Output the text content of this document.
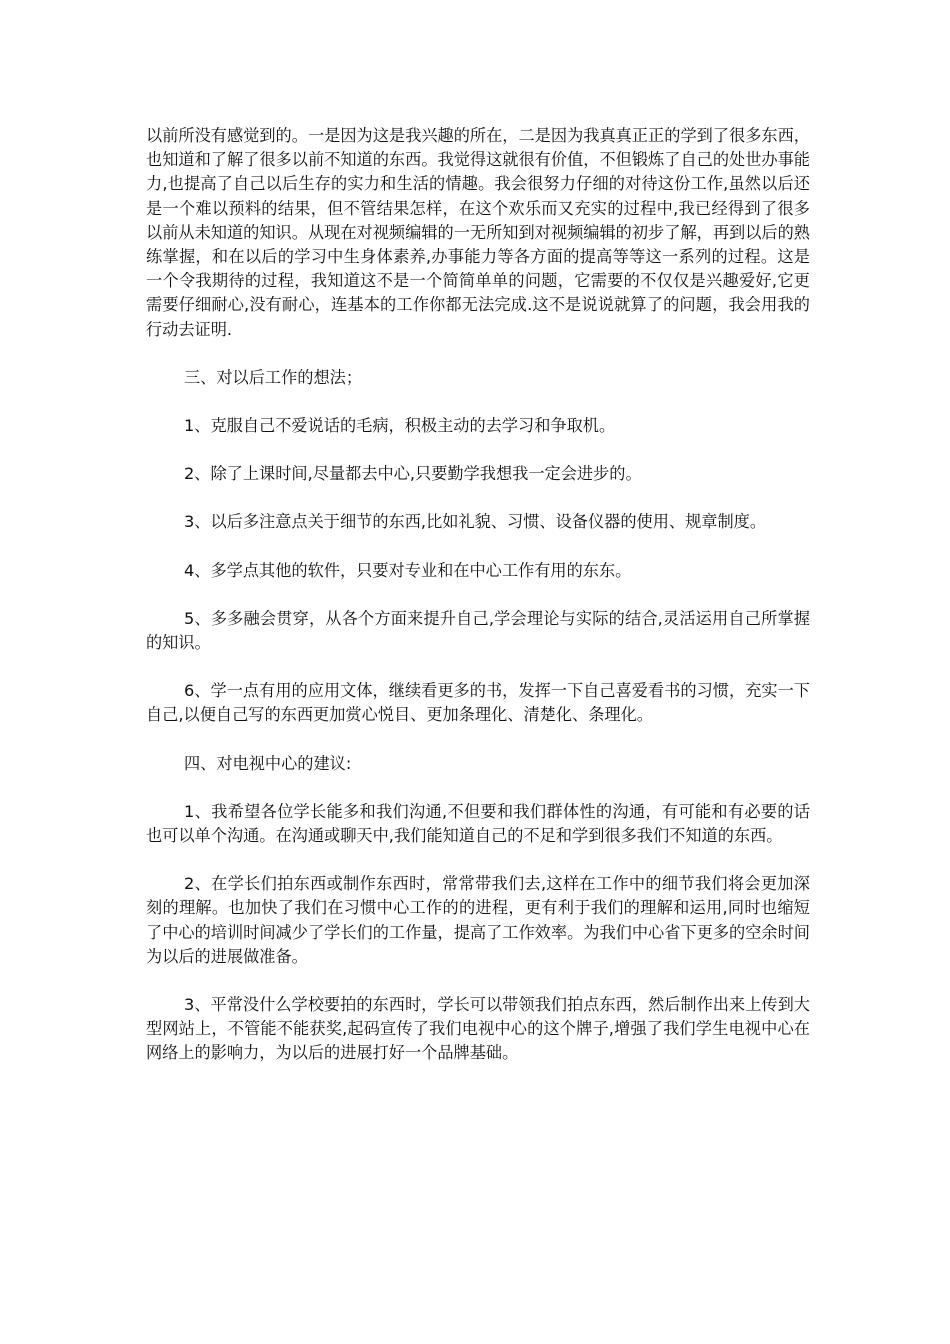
以前所没有感觉到的。一是因为这是我兴趣的所在，二是因为我真真正正的学到了很多东西，也知道和了解了很多以前不知道的东西。我觉得这就很有价值，不但锻炼了自己的处世办事能力,也提高了自己以后生存的实力和生活的情趣。我会很努力仔细的对待这份工作,虽然以后还是一个难以预料的结果，但不管结果怎样，在这个欢乐而又充实的过程中,我已经得到了很多以前从未知道的知识。从现在对视频编辑的一无所知到对视频编辑的初步了解，再到以后的熟练掌握，和在以后的学习中生身体素养,办事能力等各方面的提高等等这一系列的过程。这是一个令我期待的过程，我知道这不是一个简简单单的问题，它需要的不仅仅是兴趣爱好,它更需要仔细耐心,没有耐心，连基本的工作你都无法完成.这不是说说就算了的问题，我会用我的行动去证明.

三、对以后工作的想法；

1、克服自己不爱说话的毛病，积极主动的去学习和争取机。

2、除了上课时间,尽量都去中心,只要勤学我想我一定会进步的。

3、以后多注意点关于细节的东西,比如礼貌、习惯、设备仪器的使用、规章制度。

4、多学点其他的软件，只要对专业和在中心工作有用的东东。

5、多多融会贯穿，从各个方面来提升自己,学会理论与实际的结合,灵活运用自己所掌握的知识。

6、学一点有用的应用文体，继续看更多的书，发挥一下自己喜爱看书的习惯，充实一下自己,以便自己写的东西更加赏心悦目、更加条理化、清楚化、条理化。

四、对电视中心的建议:

1、我希望各位学长能多和我们沟通,不但要和我们群体性的沟通，有可能和有必要的话也可以单个沟通。在沟通或聊天中,我们能知道自己的不足和学到很多我们不知道的东西。

2、在学长们拍东西或制作东西时，常常带我们去,这样在工作中的细节我们将会更加深刻的理解。也加快了我们在习惯中心工作的的进程，更有利于我们的理解和运用,同时也缩短了中心的培训时间减少了学长们的工作量，提高了工作效率。为我们中心省下更多的空余时间为以后的进展做准备。

3、平常没什么学校要拍的东西时，学长可以带领我们拍点东西，然后制作出来上传到大型网站上，不管能不能获奖,起码宣传了我们电视中心的这个牌子,增强了我们学生电视中心在网络上的影响力，为以后的进展打好一个品牌基础。
